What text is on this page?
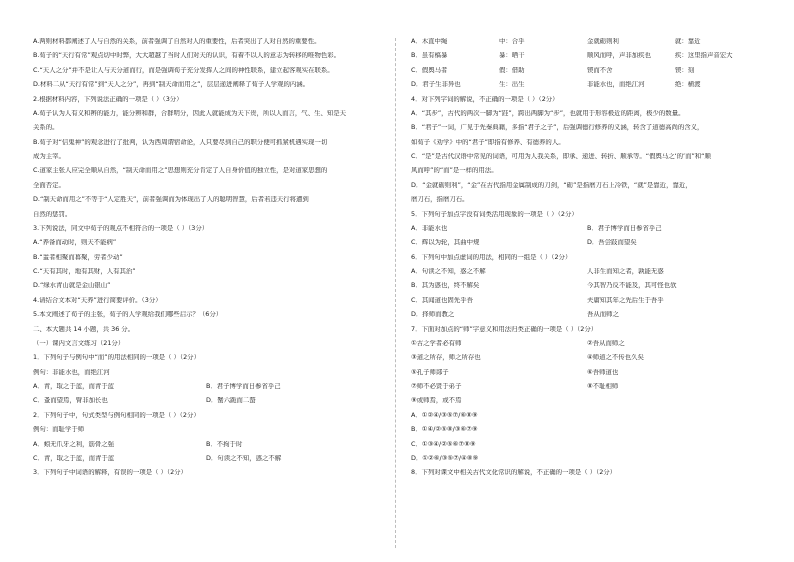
A.两则材料都阐述了人与自然的关系，前者强调了自然对人的重要性，后者突出了人对自然的重要性。
B.荀子的“天行有常”观点切中时弊，大大超越了当时人们对天的认识，有着不以人的意志为转移的唯物色彩。
C.“天人之分”并不是让人与天分道而行，而是强调荀子充分发挥人之间的神性联系，建立起客观实在联系。
D.材料二从“天行有常”到“天人之分”，再到“制天命而用之”，层层递进阐释了荀子人学观的内涵。
2.根据材料内容，下列说法正确的一项是（ ）（3分）
A.荀子认为人有义和辨的能力，能分辨和群，合群明分，因此人就能成为天下贵，所以人而言，气、生、知是天
关系的。
B.荀子对“信鬼神”的观念进行了批判，认为西周谓宿命论，人只要尽到自己的职分便可抓紧机遇实现一切
成为主宰。
C.道家主张人应完全顺从自然，“制天命而用之”思想则充分肯定了人自身价值的独立性，是对道家思想的
全面否定。
D.“制天命而用之”不等于“人定胜天”，前者强调而为体现出了人的聪明智慧，后者若违天行将遭到
自然的惩罚。
3.下列说法，同文中荀子的观点不相符合的一项是（ ）（3分）
A.“养备而动时，则天不能病”
B.“蚩者相聚而暮聚，劳者少动”
C.“天有其时，地有其财，人有其治”
D.“绿水青山就是金山银山”
4.请结合文本对“天养”进行简要评价。（3分）
5.本文阐述了荀子的主张，荀子的人学观给我们哪些启示？（6分）
二、本大题共 14 小题，共 36 分。
（一）课内文言文练习（21分）
1．下列句子与例句中“而”的用法相同的一项是（ ）（2分）
例句：非能水也，而绝江河
A．青，取之于蓝，而青于蓝	B．君子博学而日参省乎己
C．蚤而望焉，臂非加长也	D．蟹六跪而二螯
2．下列句子中，句式类型与例句相同的一项是（ ）（2分）
例句：而耻学于师
A．蚓无爪牙之利，筋骨之强	B．不拘于时
C．青，取之于蓝，而青于蓝	D．句读之不知，惑之不解
3．下列句子中词语的解释，有误的一项是（ ）（2分）
A．木直中绳	中：合乎	金就砺则利	就：靠近
B．虽有槁暴	暴：晒干	顺风而呼，声非加疾也	疾：这里指声音宏大
C．假舆马者	假：借助	锲而不舍	锲：刻
D．君子生非异也	生：出生	非能水也，而绝江河	绝：横渡
4．对下列字词的解说，不正确的一项是（ ）（2分）
A．“其步”，古代的两次一脚为“跬”，跨出两脚为“步”，也就用于形容极近的距离，极少的数量。
B．“君子”一词，广见于先秦典籍，多指“君子之子”，后强调德行修养的义涵，转含了道德高尚的含义，
如荀子《劝学》中的“君子”即指有修养、有德养的人。
C．“是”是古代汉语中常见的词语，可用为人我关系，即承、递进、转折、顺承等。“假舆马之‘的’而”和“顺
风而呼”的“而”是一样的用法。
D．“金就砺则利”，“金”在古代指用金属制成的刀剑，“砺”是指磨刀石上冷铁，“就”是靠近，靠近，
磨刀石，指磨刀石。
5．下列句子加点字没有词类活用现象的一项是（ ）（2分）
A．非能水也	B．君子博学而日参省乎己
C．辉以为轮，其曲中规	D．吾尝跂而望矣
6．下列句中加点虚词的用法，相同的一组是（ ）（2分）
A．句读之不知，惑之不解	人非生而知之者，孰能无惑
B．其为惑也，终不解矣	今其智乃反不能及，其可怪也欤
C．其闻道也固先乎吾	夫庸知其年之先后生于吾乎
D．择师而教之	吾从而师之
7．下面对加点的“师”字意义和用法归类正确的一项是（ ）（2分）
①古之学者必有师	②吾从而师之
③道之所存，师之所存也	④师道之不传也久矣
⑤孔子师郯子	⑥吾师道也
⑦师不必贤于弟子	⑧不耻相师
⑨或师焉，或不焉
A．①②④/③⑤⑦/⑥⑧⑨
B．①④/②⑤⑧/③⑥⑦⑨
C．①③④/②⑤⑥⑦⑧⑨
D．①②⑥/③⑤⑦/④⑧⑨
8．下列对课文中相关古代文化常识的解说，不正确的一项是（ ）（2分）
